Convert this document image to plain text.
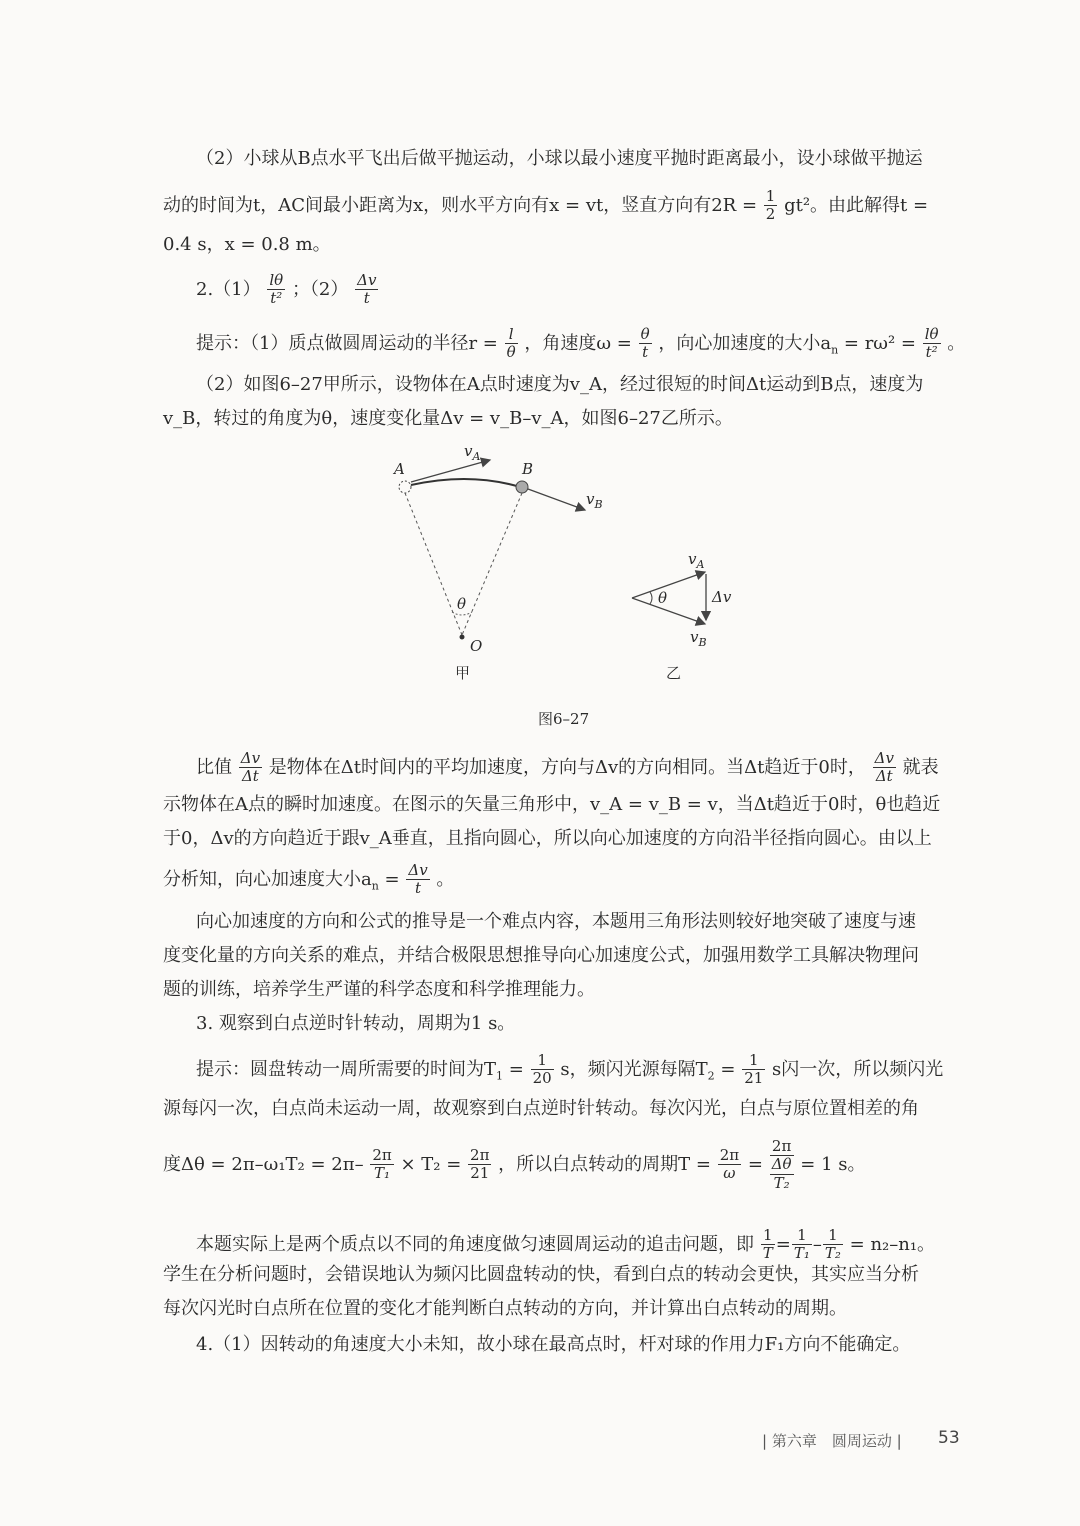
（2）小球从B点水平飞出后做平抛运动，小球以最小速度平抛时距离最小，设小球做平抛运
动的时间为t，AC间最小距离为x，则水平方向有x = vt，竖直方向有$2R = \frac{1}{2} gt^2$。由此解得t =
0.4 s，x = 0.8 m。
$2.(1) \frac{l\theta}{\text{t²}}$ ；$(2) \frac{\Delta v}{t}$
提示：（1）质点做圆周运动的半径$r = \frac{l}{\theta}$ ，角速度$\omega = \frac{\theta}{t}$ ，向心加速度的大小$a_n = r\omega^2 = \frac{l\theta}{\text{t²}}$ 。
（2）如图6–27甲所示，设物体在A点时速度为v_A，经过很短的时间Δt运动到B点，速度为
v_B，转过的角度为θ，速度变化量Δv = v_B–v_A，如图6–27乙所示。
A
$v_A$
B
$v_B$
θ
O
甲
$v_A$
θ	Δv
$v_B$
乙
图6–27
比值 $\frac{\Delta v}{\Delta t}$ 是物体在Δt时间内的平均加速度，方向与Δv的方向相同。当Δt趋近于0时， $\frac{\Delta v}{\Delta t}$ 就表
示物体在A点的瞬时加速度。在图示的矢量三角形中，v_A = v_B = v，当Δt趋近于0时，θ也趋近
于0，Δv的方向趋近于跟v_A垂直，且指向圆心，所以向心加速度的方向沿半径指向圆心。由以上
分析知，向心加速度大小$a_n = \frac{\Delta v}{t}$ 。
向心加速度的方向和公式的推导是一个难点内容，本题用三角形法则较好地突破了速度与速
度变化量的方向关系的难点，并结合极限思想推导向心加速度公式，加强用数学工具解决物理问
题的训练，培养学生严谨的科学态度和科学推理能力。
3. 观察到白点逆时针转动，周期为1 s。
提示：圆盘转动一周所需要的时间为$T_1 = \frac{1}{20}$ s，频闪光源每隔$T_2 = \frac{1}{21}$ s闪一次，所以频闪光
源每闪一次，白点尚未运动一周，故观察到白点逆时针转动。每次闪光，白点与原位置相差的角
度$\Delta\theta = 2\pi-\omega_1T_2 = 2\pi- \frac{2\pi}{\text{T₁}} \times T_2 = \frac{2\pi}{21}$ ，所以白点转动的周期$T = \frac{2\pi}{\omega}$ =
2π
Δθ
T₂
= 1 s。
本题实际上是两个质点以不同的角速度做匀速圆周运动的追击问题，即 $\frac{1}{T} = \frac{1}{\text{T₁}} - \frac{1}{\text{T₂}} = n_2-n_1$。
学生在分析问题时，会错误地认为频闪比圆盘转动的快，看到白点的转动会更快，其实应当分析
每次闪光时白点所在位置的变化才能判断白点转动的方向，并计算出白点转动的周期。
4.（1）因转动的角速度大小未知，故小球在最高点时，杆对球的作用力F₁方向不能确定。
| 第六章　圆周运动 | 53
